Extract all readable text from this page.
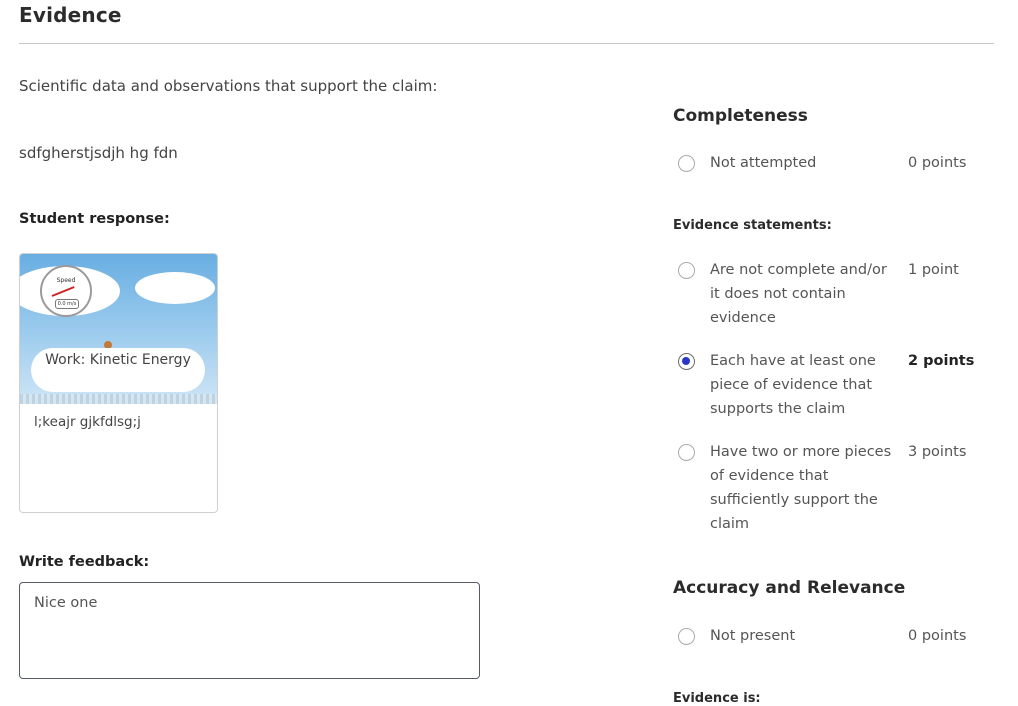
Evidence
Scientific data and observations that support the claim:
sdfgherstjsdjh hg fdn
Student response:
Speed
0.0 m/s
Work: Kinetic Energy
l;keajr gjkfdlsg;j
Write feedback:
Nice one
Completeness
Not attempted	0 points
Evidence statements:
Are not complete and/or it does not contain evidence
1 point
Each have at least one piece of evidence that supports the claim
2 points
Have two or more pieces of evidence that sufficiently support the claim
3 points
Accuracy and Relevance
Not present	0 points
Evidence is:
